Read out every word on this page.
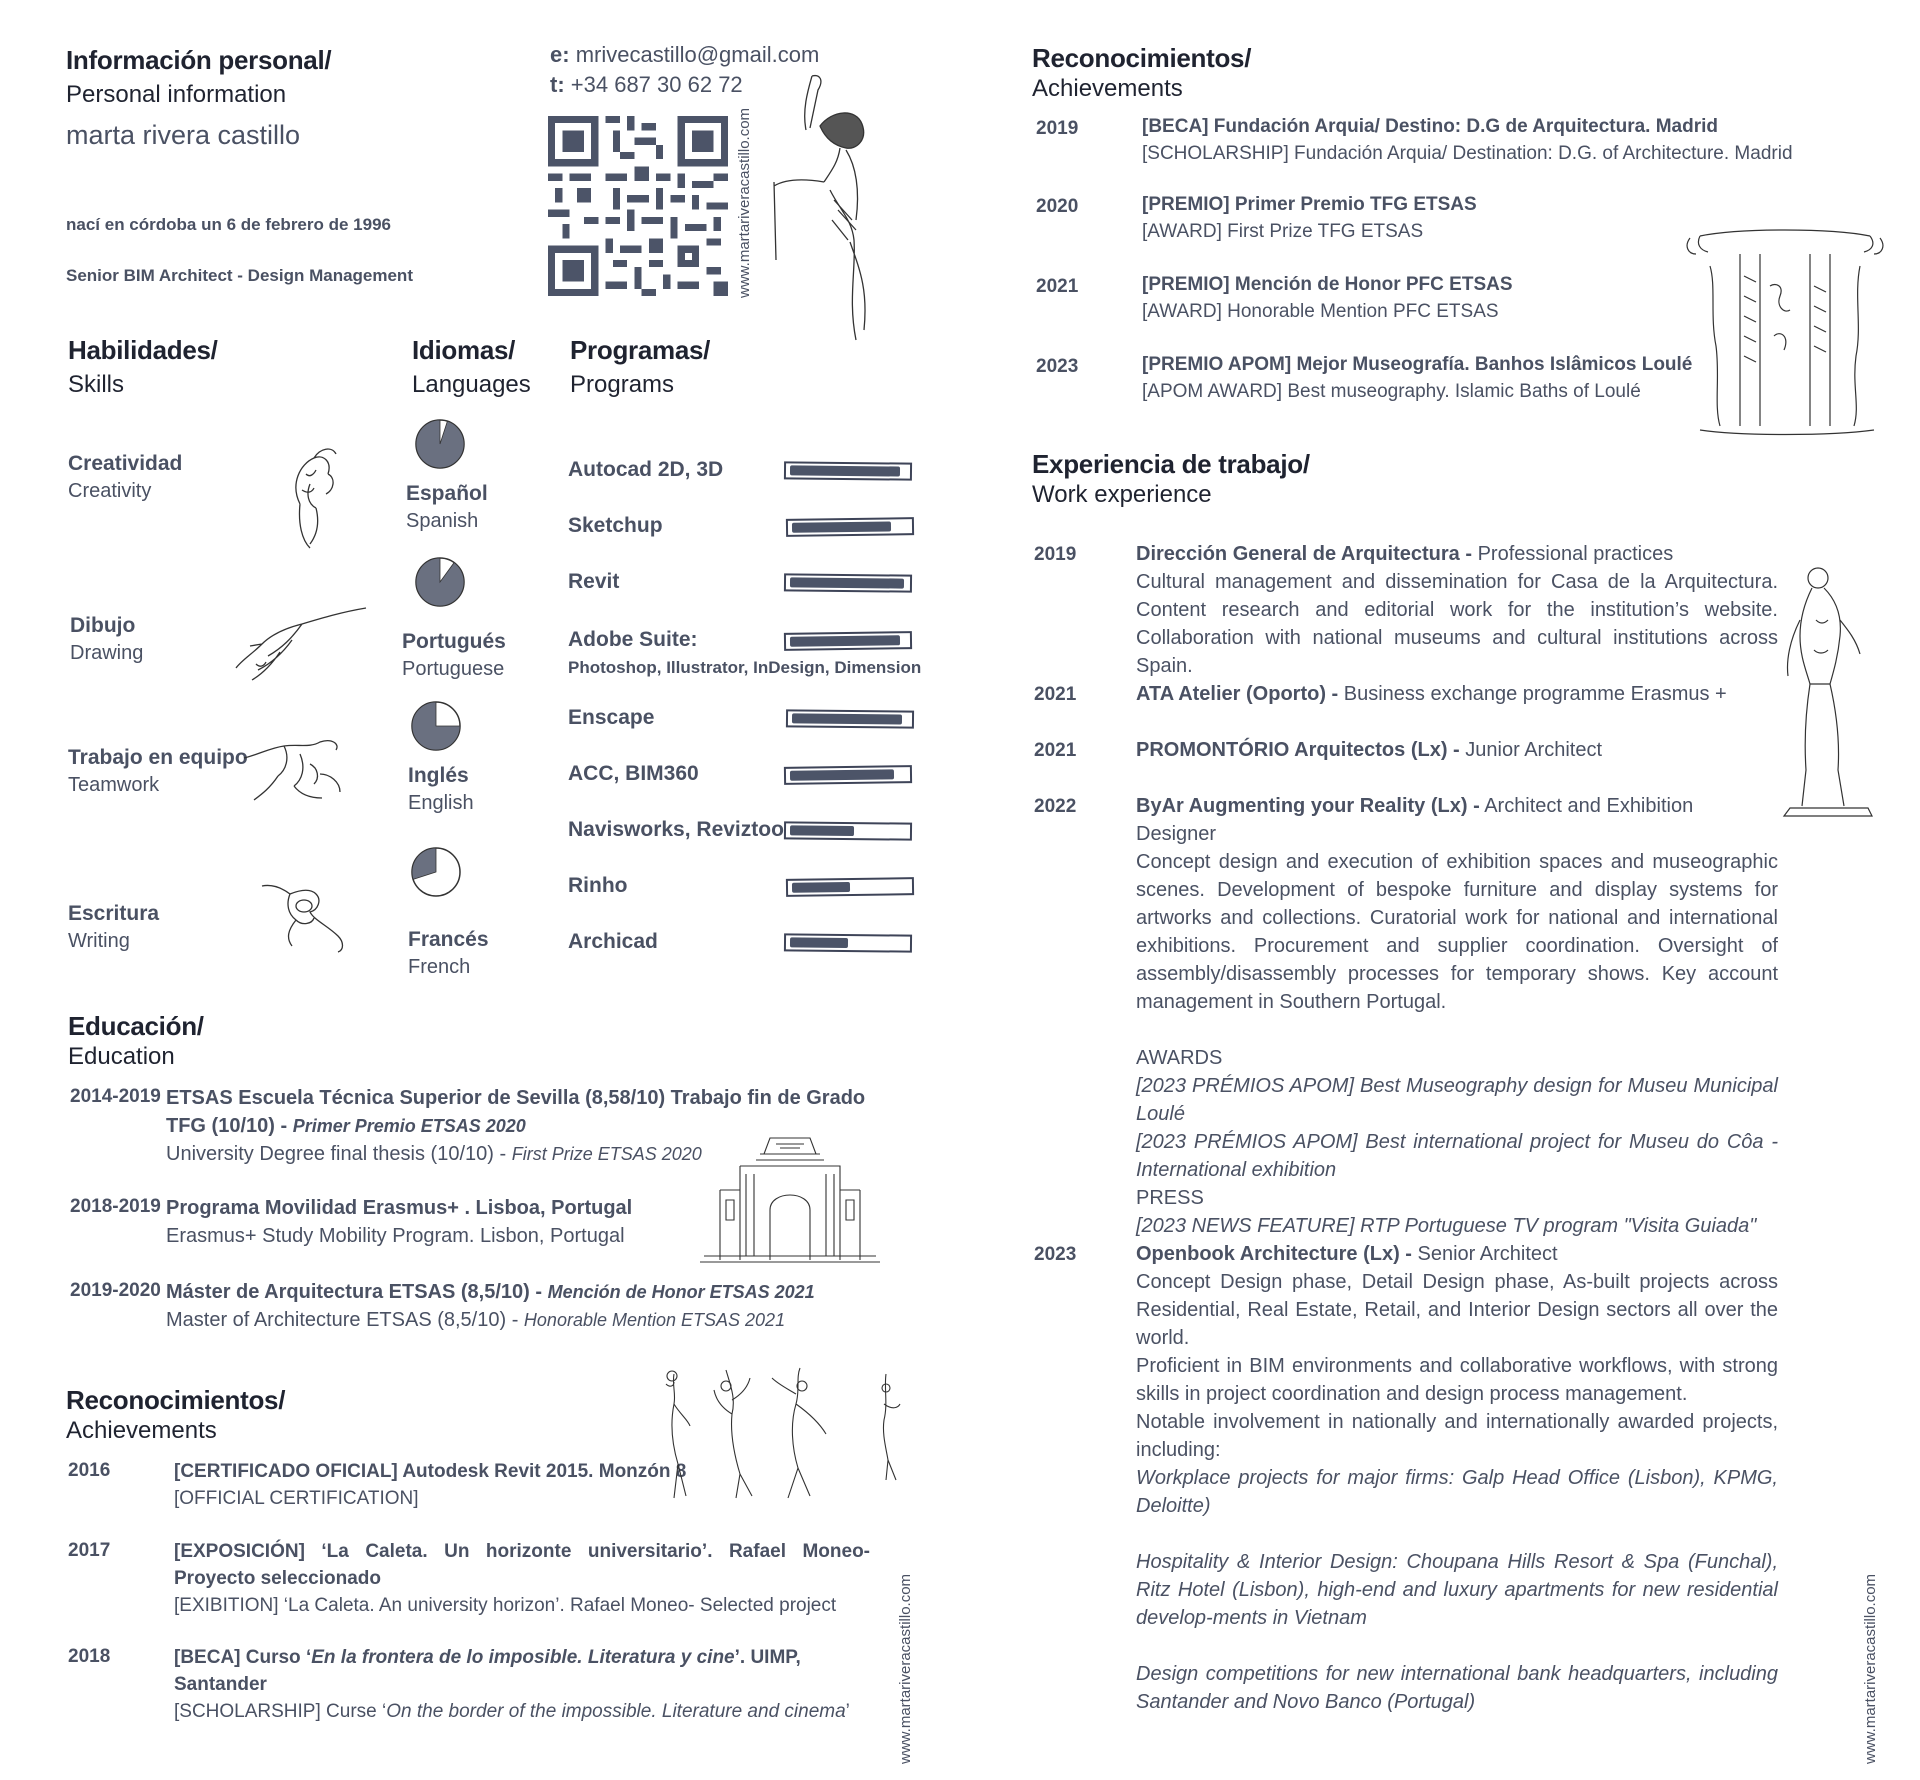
Información personal/
Personal information
marta rivera castillo
nací en córdoba un 6 de febrero de 1996
Senior BIM Architect - Design Management
e: mrivecastillo@gmail.com
t: +34 687 30 62 72
www.martariveracastillo.com
Habilidades/
Skills
Creatividad
Creativity
Dibujo
Drawing
Trabajo en equipo
Teamwork
Escritura
Writing
Idiomas/
Languages
Español
Spanish
Portugués
Portuguese
Inglés
English
Francés
French
Programas/
Programs
Autocad 2D, 3D
Sketchup
Revit
Adobe Suite:
Photoshop, Illustrator, InDesign, Dimension
Enscape
ACC, BIM360
Navisworks, Reviztoo
Rinho
Archicad
Educación/
Education
2014-2019 ETSAS Escuela Técnica Superior de Sevilla (8,58/10) Trabajo fin de Grado
TFG (10/10) - Primer Premio ETSAS 2020
University Degree final thesis (10/10) - First Prize ETSAS 2020
2018-2019 Programa Movilidad Erasmus+ . Lisboa, Portugal
Erasmus+ Study Mobility Program. Lisbon, Portugal
2019-2020 Máster de Arquitectura ETSAS (8,5/10) - Mención de Honor ETSAS 2021
Master of Architecture ETSAS (8,5/10) - Honorable Mention ETSAS 2021
Reconocimientos/
Achievements
2016	[CERTIFICADO OFICIAL] Autodesk Revit 2015. Monzón 8
[OFFICIAL CERTIFICATION]
2017	[EXPOSICIÓN] ‘La Caleta. Un horizonte universitario’. Rafael Moneo- Proyecto seleccionado
[EXIBITION] ‘La Caleta. An university horizon’. Rafael Moneo- Selected project
2018	[BECA] Curso ‘En la frontera de lo imposible. Literatura y cine’. UIMP, Santander
[SCHOLARSHIP] Curse ‘On the border of the impossible. Literature and cinema’	www.martariveracastillo.com
Reconocimientos/
Achievements
2019	[BECA] Fundación Arquia/ Destino: D.G de Arquitectura. Madrid
[SCHOLARSHIP] Fundación Arquia/ Destination: D.G. of Architecture. Madrid
2020	[PREMIO] Primer Premio TFG ETSAS
[AWARD] First Prize TFG ETSAS
2021	[PREMIO] Mención de Honor PFC ETSAS
[AWARD] Honorable Mention PFC ETSAS
2023	[PREMIO APOM] Mejor Museografía. Banhos Islâmicos Loulé
[APOM AWARD] Best museography. Islamic Baths of Loulé
Experiencia de trabajo/
Work experience
2019	Dirección General de Arquitectura - Professional practices
Cultural management and dissemination for Casa de la Arquitectura. Content research and editorial work for the institution’s website. Collaboration with national museums and cultural institutions across Spain.
2021	ATA Atelier (Oporto) - Business exchange programme Erasmus +
2021	PROMONTÓRIO Arquitectos (Lx) - Junior Architect
2022	ByAr Augmenting your Reality (Lx) - Architect and Exhibition Designer
Concept design and execution of exhibition spaces and museographic scenes. Development of bespoke furniture and display systems for artworks and collections. Curatorial work for national and international exhibitions. Procurement and supplier coordination. Oversight of assembly/disassembly processes for temporary shows. Key account management in Southern Portugal.
AWARDS
[2023 PRÉMIOS APOM] Best Museography design for Museu Municipal Loulé
[2023 PRÉMIOS APOM] Best international project for Museu do Côa - International exhibition
PRESS
[2023 NEWS FEATURE] RTP Portuguese TV program "Visita Guiada"
2023	Openbook Architecture (Lx) - Senior Architect
Concept Design phase, Detail Design phase, As-built projects across Residential, Real Estate, Retail, and Interior Design sectors all over the world.
Proficient in BIM environments and collaborative workflows, with strong skills in project coordination and design process management.
Notable involvement in nationally and internationally awarded projects, including:
Workplace projects for major firms: Galp Head Office (Lisbon), KPMG, Deloitte)
Hospitality & Interior Design: Choupana Hills Resort & Spa (Funchal), Ritz Hotel (Lisbon), high-end and luxury apartments for new residential develop-ments in Vietnam
Design competitions for new international bank headquarters, including Santander and Novo Banco (Portugal)	www.martariveracastillo.com
